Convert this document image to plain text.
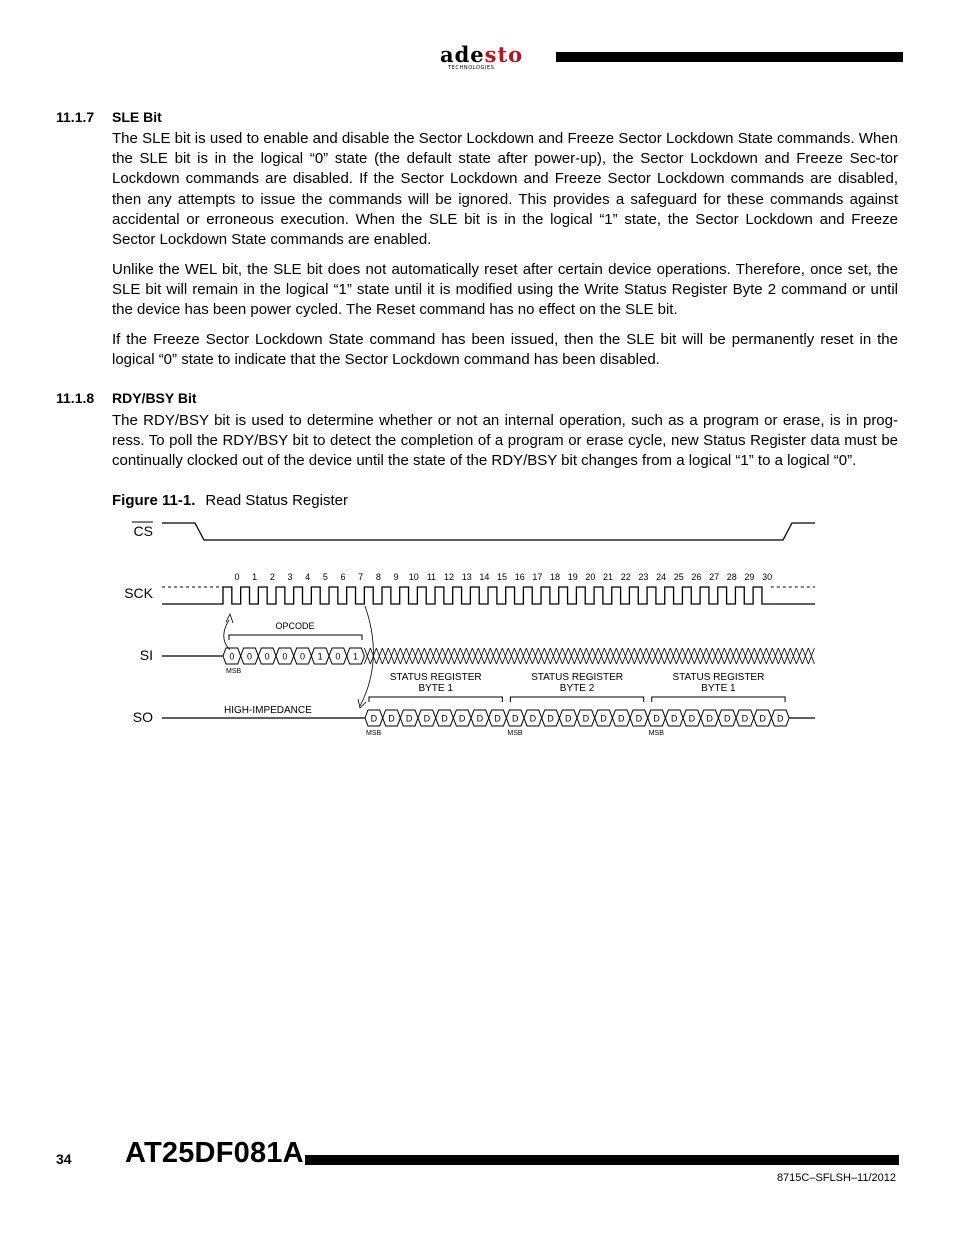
adesto
TECHNOLOGIES
11.1.7 SLE Bit

The SLE bit is used to enable and disable the Sector Lockdown and Freeze Sector Lockdown State commands. When the SLE bit is in the logical “0” state (the default state after power-up), the Sector Lockdown and Freeze Sec-tor Lockdown commands are disabled. If the Sector Lockdown and Freeze Sector Lockdown commands are disabled, then any attempts to issue the commands will be ignored. This provides a safeguard for these commands against accidental or erroneous execution. When the SLE bit is in the logical “1” state, the Sector Lockdown and Freeze Sector Lockdown State commands are enabled.

Unlike the WEL bit, the SLE bit does not automatically reset after certain device operations. Therefore, once set, the SLE bit will remain in the logical “1” state until it is modified using the Write Status Register Byte 2 command or until the device has been power cycled. The Reset command has no effect on the SLE bit.

If the Freeze Sector Lockdown State command has been issued, then the SLE bit will be permanently reset in the logical “0” state to indicate that the Sector Lockdown command has been disabled.

11.1.8 RDY/BSY Bit

The RDY/BSY bit is used to determine whether or not an internal operation, such as a program or erase, is in prog-ress. To poll the RDY/BSY bit to detect the completion of a program or erase cycle, new Status Register data must be continually clocked out of the device until the state of the RDY/BSY bit changes from a logical “1” to a logical “0”.

Figure 11-1. Read Status Register
CS
SCK
SI
SO
0 1 2 3 4 5 6 7 8 9 10 11 12 13 14 15 16 17 18 19 20 21 22 23 24 25 26 27 28 29 30
OPCODE
0 0 0 0 0 1 0 1
MSB
HIGH-IMPEDANCE
D D D D D D D D D D D D D D D D D D D D D D D D
STATUS REGISTER
BYTE 1
MSB
STATUS REGISTER
BYTE 2
MSB
STATUS REGISTER
BYTE 1
MSB
34 AT25DF081A
8715C–SFLSH–11/2012
